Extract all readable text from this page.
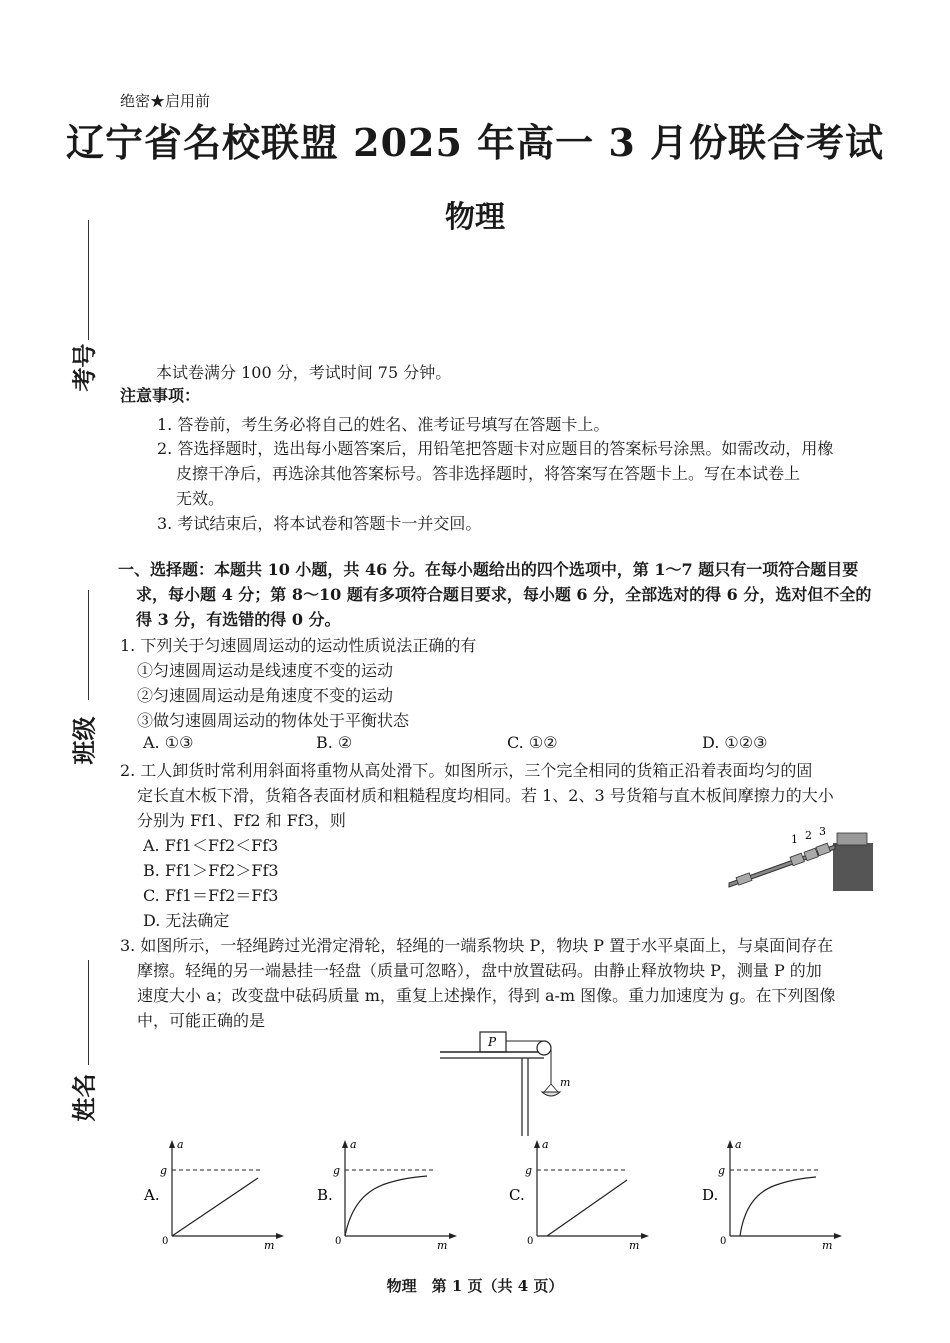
绝密★启用前
辽宁省名校联盟 2025 年高一 3 月份联合考试
物理
考号
班级
姓名
本试卷满分 100 分，考试时间 75 分钟。
注意事项：
1. 答卷前，考生务必将自己的姓名、准考证号填写在答题卡上。
2. 答选择题时，选出每小题答案后，用铅笔把答题卡对应题目的答案标号涂黑。如需改动，用橡
皮擦干净后，再选涂其他答案标号。答非选择题时，将答案写在答题卡上。写在本试卷上
无效。
3. 考试结束后，将本试卷和答题卡一并交回。
一、选择题：本题共 10 小题，共 46 分。在每小题给出的四个选项中，第 1～7 题只有一项符合题目要
求，每小题 4 分；第 8～10 题有多项符合题目要求，每小题 6 分，全部选对的得 6 分，选对但不全的
得 3 分，有选错的得 0 分。
1. 下列关于匀速圆周运动的运动性质说法正确的有
①匀速圆周运动是线速度不变的运动
②匀速圆周运动是角速度不变的运动
③做匀速圆周运动的物体处于平衡状态
A. ①③	B. ②	C. ①②	D. ①②③
2. 工人卸货时常利用斜面将重物从高处滑下。如图所示，三个完全相同的货箱正沿着表面均匀的固
定长直木板下滑，货箱各表面材质和粗糙程度均相同。若 1、2、3 号货箱与直木板间摩擦力的大小
分别为 Ff1、Ff2 和 Ff3，则
A. Ff1＜Ff2＜Ff3
B. Ff1＞Ff2＞Ff3
C. Ff1＝Ff2＝Ff3
D. 无法确定
1 2 3
3. 如图所示，一轻绳跨过光滑定滑轮，轻绳的一端系物块 P，物块 P 置于水平桌面上，与桌面间存在
摩擦。轻绳的另一端悬挂一轻盘（质量可忽略），盘中放置砝码。由静止释放物块 P，测量 P 的加
速度大小 a；改变盘中砝码质量 m，重复上述操作，得到 a-m 图像。重力加速度为 g。在下列图像
中，可能正确的是
P
m
A.
a
g
0	m
B.
a
g
0	m
C.
a
g
0	m
D.
a
g
0	m
物理　第 1 页（共 4 页）
